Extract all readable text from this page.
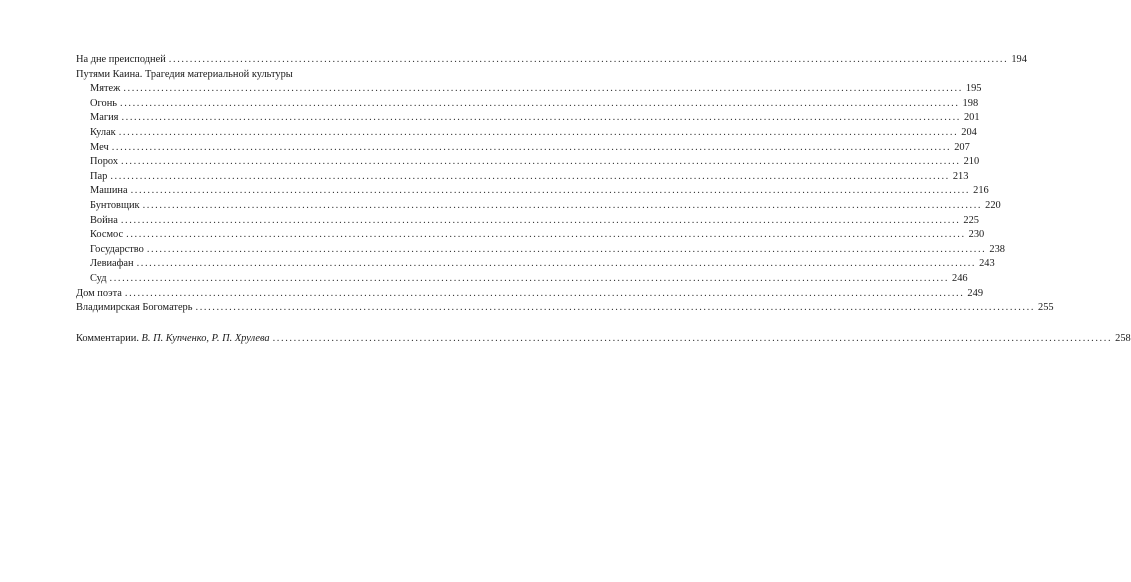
На дне преисподней ........................................................................................................................................................................................................ 194
Путями Каина. Трагедия материальной культуры
Мятеж ........................................................................................................................................................................................................ 195
Огонь ........................................................................................................................................................................................................ 198
Магия ........................................................................................................................................................................................................ 201
Кулак ........................................................................................................................................................................................................ 204
Меч ........................................................................................................................................................................................................ 207
Порох ........................................................................................................................................................................................................ 210
Пар ........................................................................................................................................................................................................ 213
Машина ........................................................................................................................................................................................................ 216
Бунтовщик ........................................................................................................................................................................................................ 220
Война ........................................................................................................................................................................................................ 225
Космос ........................................................................................................................................................................................................ 230
Государство ........................................................................................................................................................................................................ 238
Левиафан ........................................................................................................................................................................................................ 243
Суд ........................................................................................................................................................................................................ 246
Дом поэта ........................................................................................................................................................................................................ 249
Владимирская Богоматерь ........................................................................................................................................................................................................ 255
Комментарии. В. П. Купченко, Р. П. Хрулева ........................................................................................................................................................................................................ 258
